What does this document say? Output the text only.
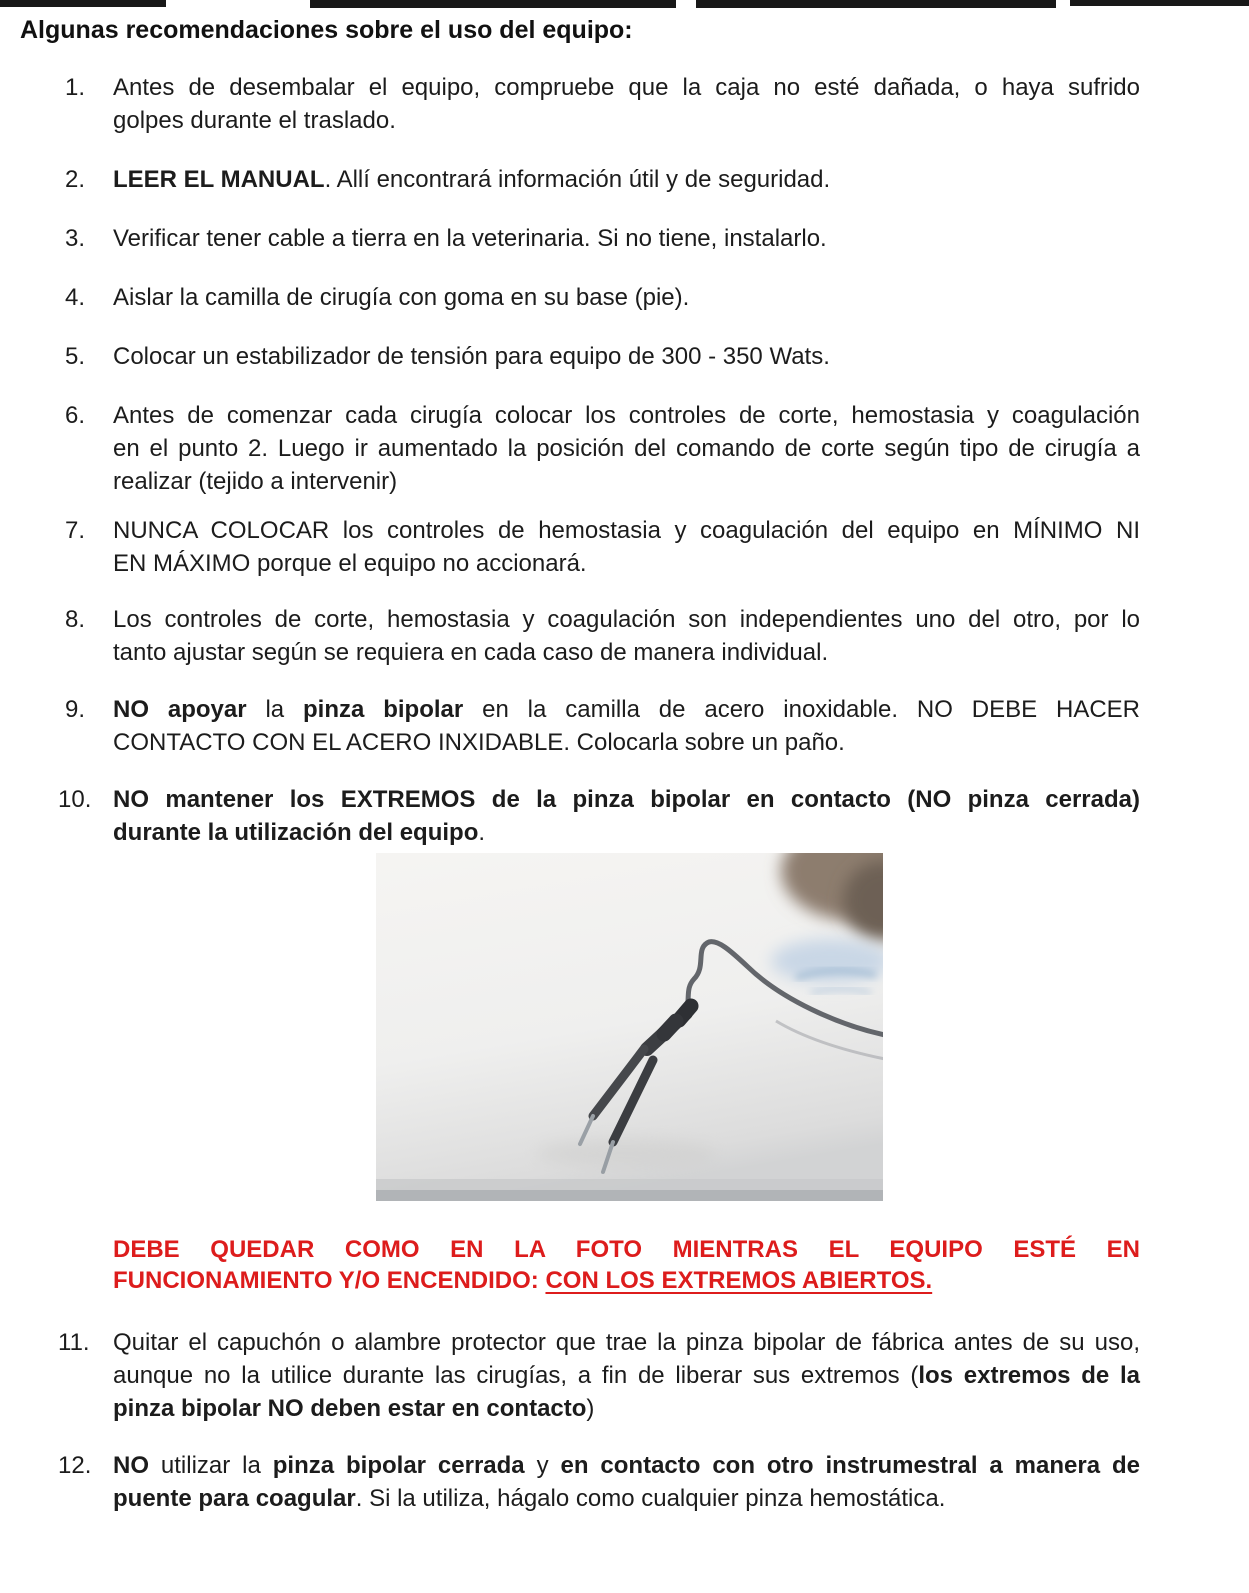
Algunas recomendaciones sobre el uso del equipo:
1. Antes de desembalar el equipo, compruebe que la caja no esté dañada, o haya sufrido
golpes durante el traslado.
2. LEER EL MANUAL. Allí encontrará información útil y de seguridad.
3. Verificar tener cable a tierra en la veterinaria. Si no tiene, instalarlo.
4. Aislar la camilla de cirugía con goma en su base (pie).
5. Colocar un estabilizador de tensión para equipo de 300 - 350 Wats.
6. Antes de comenzar cada cirugía colocar los controles de corte, hemostasia y coagulación
en el punto 2. Luego ir aumentado la posición del comando de corte según tipo de cirugía a
realizar (tejido a intervenir)
7. NUNCA COLOCAR los controles de hemostasia y coagulación del equipo en MÍNIMO NI
EN MÁXIMO porque el equipo no accionará.
8. Los controles de corte, hemostasia y coagulación son independientes uno del otro, por lo
tanto ajustar según se requiera en cada caso de manera individual.
9. NO apoyar la pinza bipolar en la camilla de acero inoxidable. NO DEBE HACER
CONTACTO CON EL ACERO INXIDABLE. Colocarla sobre un paño.
10. NO mantener los EXTREMOS de la pinza bipolar en contacto (NO pinza cerrada)
durante la utilización del equipo.
DEBE QUEDAR COMO EN LA FOTO MIENTRAS EL EQUIPO ESTÉ EN
FUNCIONAMIENTO Y/O ENCENDIDO: CON LOS EXTREMOS ABIERTOS.
11. Quitar el capuchón o alambre protector que trae la pinza bipolar de fábrica antes de su uso,
aunque no la utilice durante las cirugías, a fin de liberar sus extremos (los extremos de la
pinza bipolar NO deben estar en contacto)
12. NO utilizar la pinza bipolar cerrada y en contacto con otro instrumestral a manera de
puente para coagular. Si la utiliza, hágalo como cualquier pinza hemostática.
